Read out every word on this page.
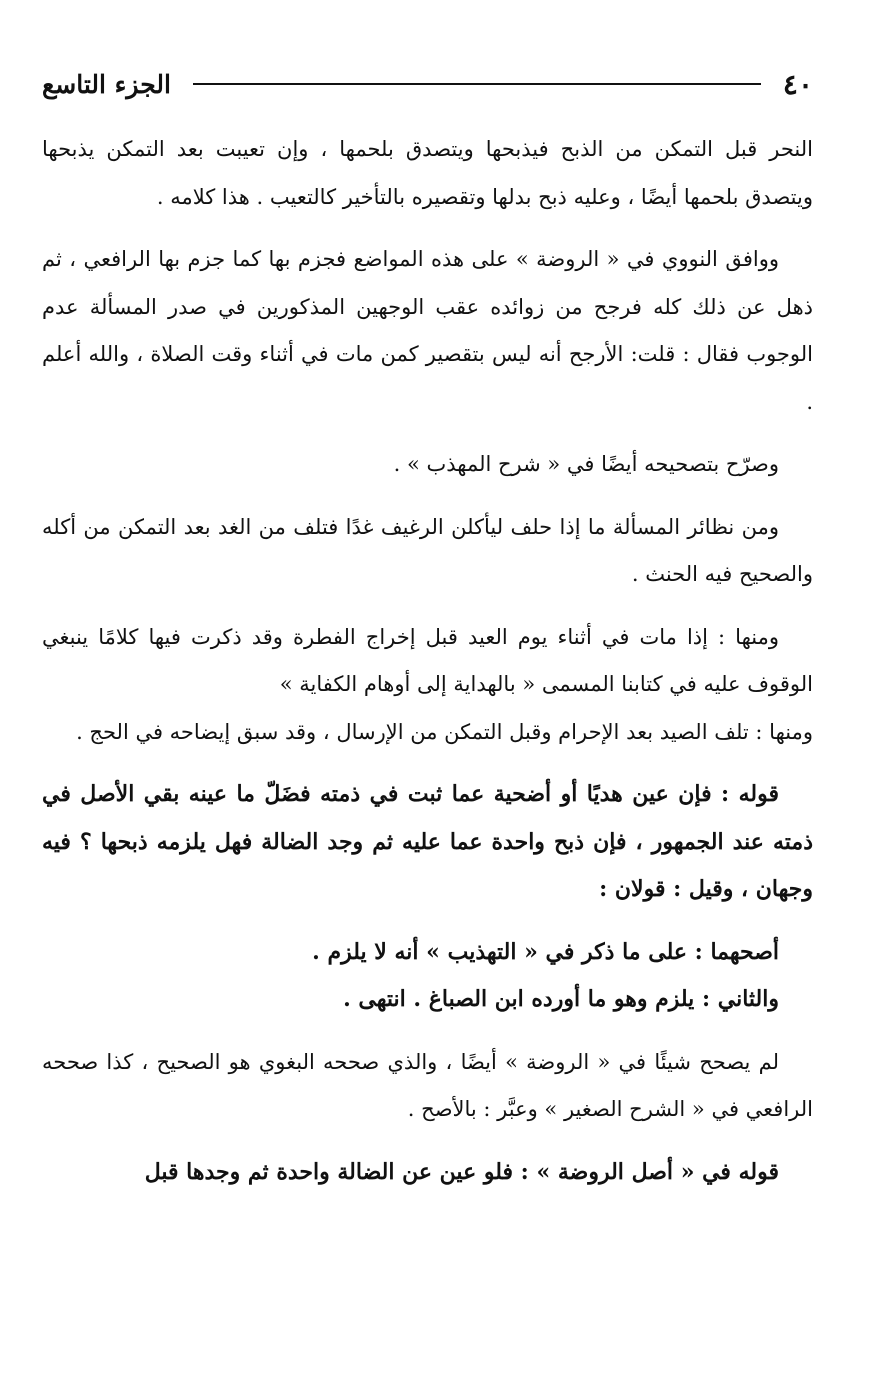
٤٠
الجزء التاسع

النحر قبل التمكن من الذبح فيذبحها ويتصدق بلحمها ، وإن تعيبت بعد التمكن يذبحها ويتصدق بلحمها أيضًا ، وعليه ذبح بدلها وتقصيره بالتأخير كالتعيب . هذا كلامه .

ووافق النووي في « الروضة » على هذه المواضع فجزم بها كما جزم بها الرافعي ، ثم ذهل عن ذلك كله فرجح من زوائده عقب الوجهين المذكورين في صدر المسألة عدم الوجوب فقال : قلت: الأرجح أنه ليس بتقصير كمن مات في أثناء وقت الصلاة ، والله أعلم .

وصرّح بتصحيحه أيضًا في « شرح المهذب » .

ومن نظائر المسألة ما إذا حلف ليأكلن الرغيف غدًا فتلف من الغد بعد التمكن من أكله والصحيح فيه الحنث .

ومنها : إذا مات في أثناء يوم العيد قبل إخراج الفطرة وقد ذكرت فيها كلامًا ينبغي الوقوف عليه في كتابنا المسمى « بالهداية إلى أوهام الكفاية »

ومنها : تلف الصيد بعد الإحرام وقبل التمكن من الإرسال ، وقد سبق إيضاحه في الحج .

قوله : فإن عين هديًا أو أضحية عما ثبت في ذمته فضَلّ ما عينه بقي الأصل في ذمته عند الجمهور ، فإن ذبح واحدة عما عليه ثم وجد الضالة فهل يلزمه ذبحها ؟ فيه وجهان ، وقيل : قولان :

أصحهما : على ما ذكر في « التهذيب » أنه لا يلزم .

والثاني : يلزم وهو ما أورده ابن الصباغ . انتهى .

لم يصحح شيئًا في « الروضة » أيضًا ، والذي صححه البغوي هو الصحيح ، كذا صححه الرافعي في « الشرح الصغير » وعبَّر : بالأصح .

قوله في « أصل الروضة » : فلو عين عن الضالة واحدة ثم وجدها قبل
